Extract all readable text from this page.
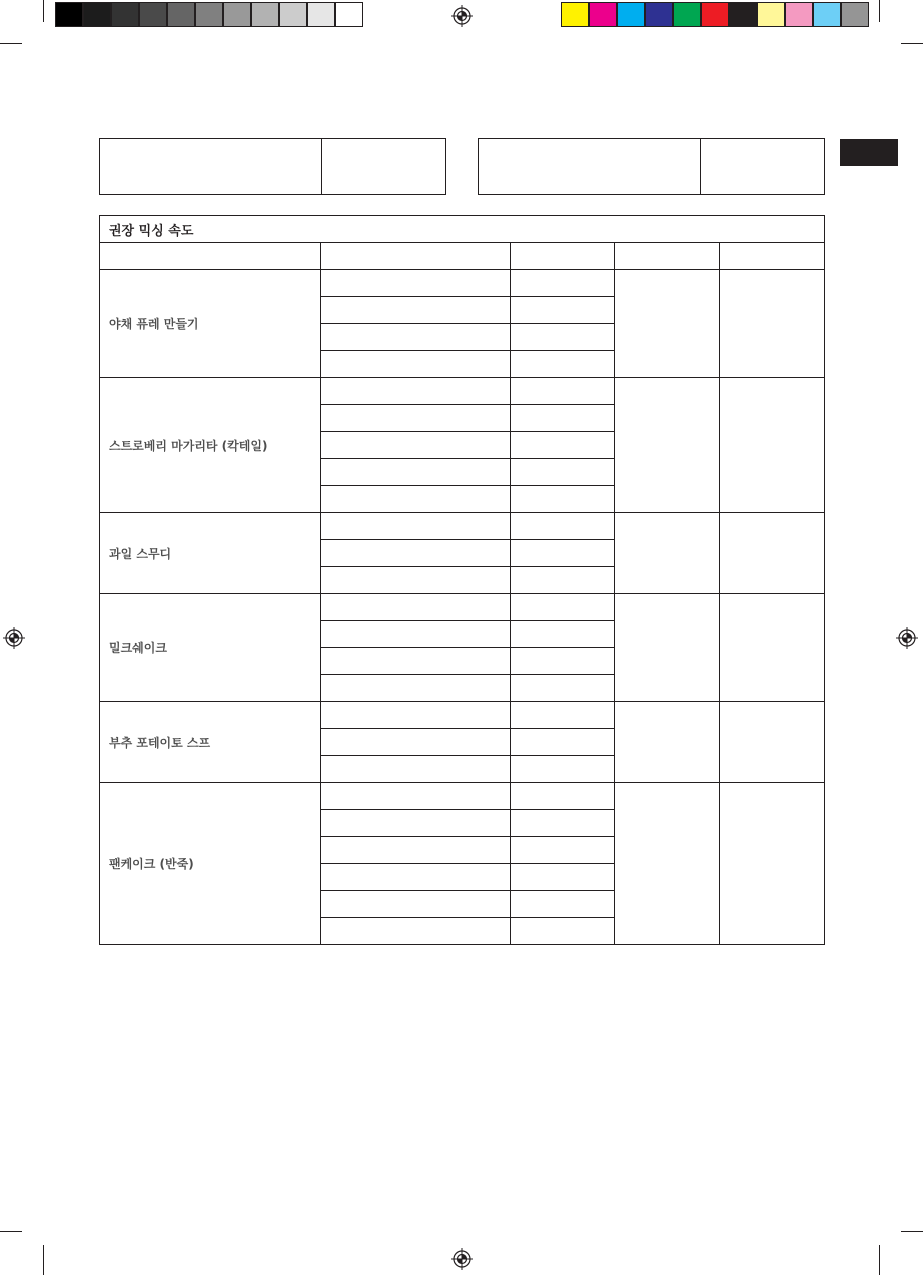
권장 믹싱 속도				

야채 퓨레 만들기				

스트로베리 마가리타 (칵테일)				

과일 스무디				

밀크쉐이크				

부추 포테이토 스프				

팬케이크 (반죽)				
